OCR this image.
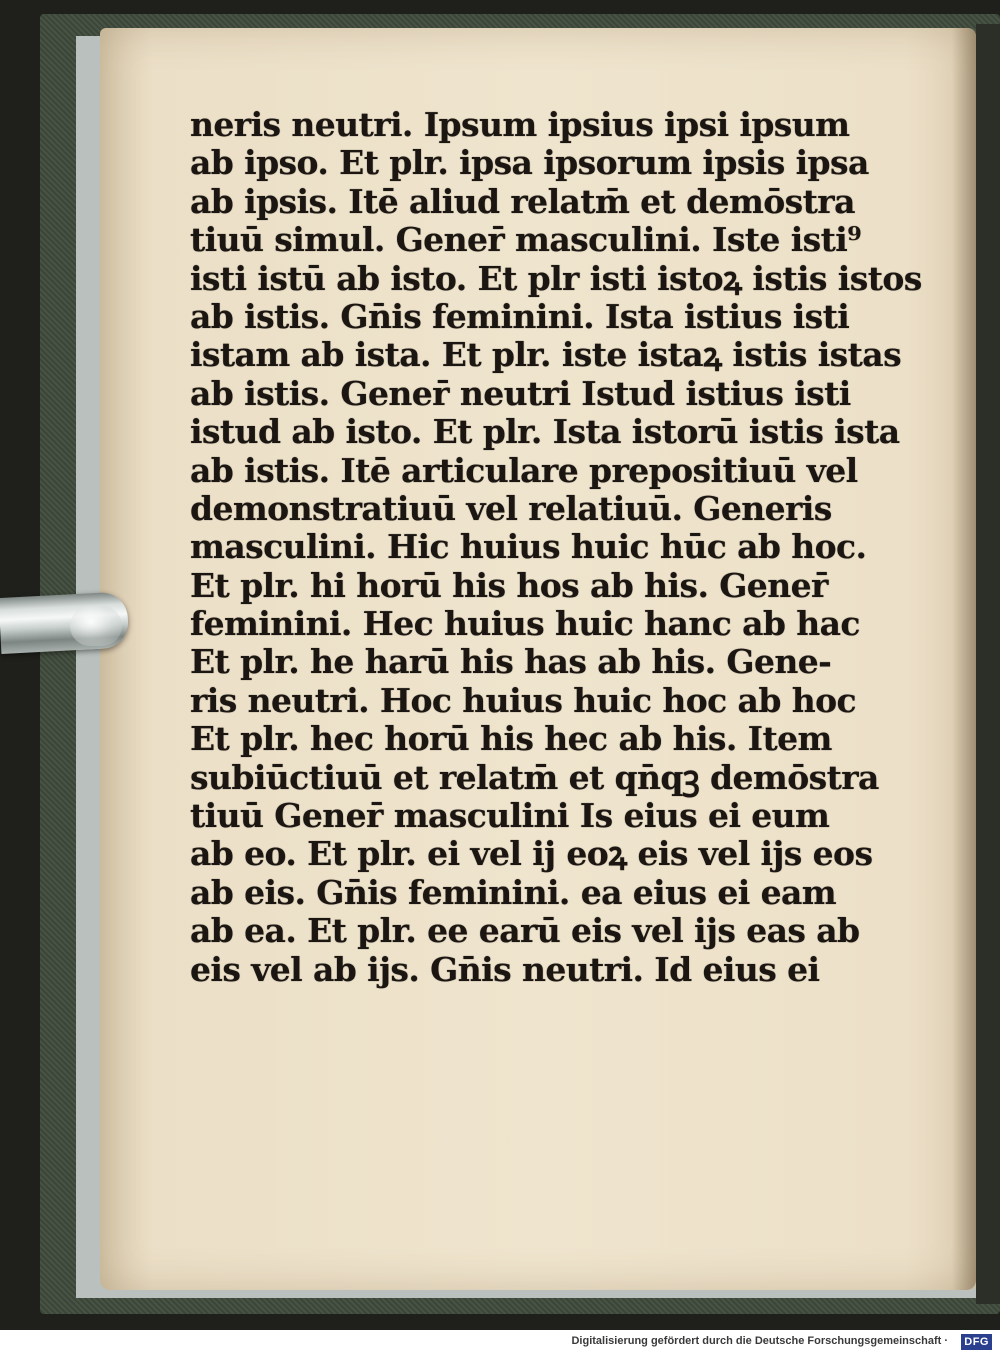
neris neutri. Ipsum ipsius ipsi ipsum
ab ipso. Et plr. ipsa ipsorum ipsis ipsa
ab ipsis. Itē aliud relatm̄ et demōstra
tiuū simul. Gener̄ masculini. Iste isti⁹
isti istū ab isto. Et plr isti istoꝝ istis istos
ab istis. Gn̄is feminini. Ista istius isti
istam ab ista. Et plr. iste istaꝝ istis istas
ab istis. Gener̄ neutri Istud istius isti
istud ab isto. Et plr. Ista istorū istis ista
ab istis. Itē articulare prepositiuū vel
demonstratiuū vel relatiuū. Generis
masculini. Hic huius huic hūc ab hoc.
Et plr. hi horū his hos ab his. Gener̄
feminini. Hec huius huic hanc ab hac
Et plr. he harū his has ab his. Gene-
ris neutri. Hoc huius huic hoc ab hoc
Et plr. hec horū his hec ab his. Item
subiūctiuū et relatm̄ et qn̄qꝫ demōstra
tiuū Gener̄ masculini Is eius ei eum
ab eo. Et plr. ei vel ij eoꝝ eis vel ijs eos
ab eis. Gn̄is feminini. ea eius ei eam
ab ea. Et plr. ee earū eis vel ijs eas ab
eis vel ab ijs. Gn̄is neutri. Id eius ei
Digitalisierung gefördert durch die Deutsche Forschungsgemeinschaft · DFG
